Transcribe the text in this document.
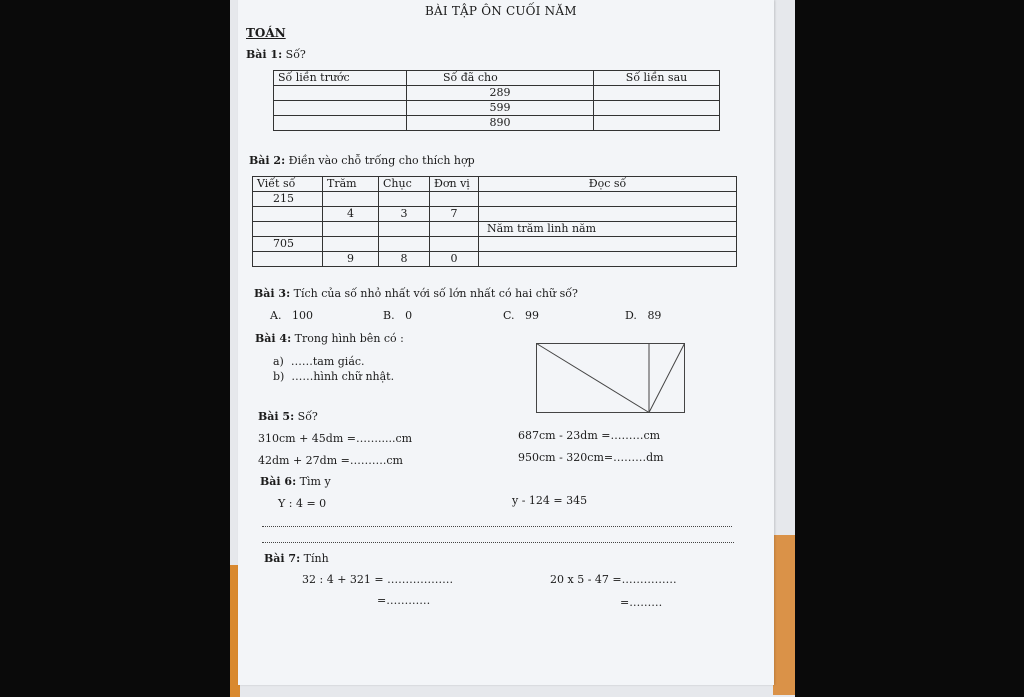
BÀI TẬP ÔN CUỐI NĂM
TOÁN
Bài 1: Số?
Số liền trước	Số đã cho	Số liền sau
	289	
	599	
	890	
Bài 2: Điền vào chỗ trống cho thích hợp
Viết số	Trăm	Chục	Đơn vị	Đọc số
215				
	4	3	7	
				Năm trăm linh năm
705				
	9	8	0	
Bài 3: Tích của số nhỏ nhất với số lớn nhất có hai chữ số?
A. 100	B. 0	C. 99	D. 89
Bài 4: Trong hình bên có :
a) ……tam giác.
b) ……hình chữ nhật.
Bài 5: Số?
310cm + 45dm =…….....cm	687cm - 23dm =………cm
42dm + 27dm =……….cm	950cm - 320cm=………dm
Bài 6: Tìm y
Y : 4 = 0	y - 124 = 345
Bài 7: Tính
32 : 4 + 321 = ………………
=…………
20 x 5 - 47 =……………
=………
